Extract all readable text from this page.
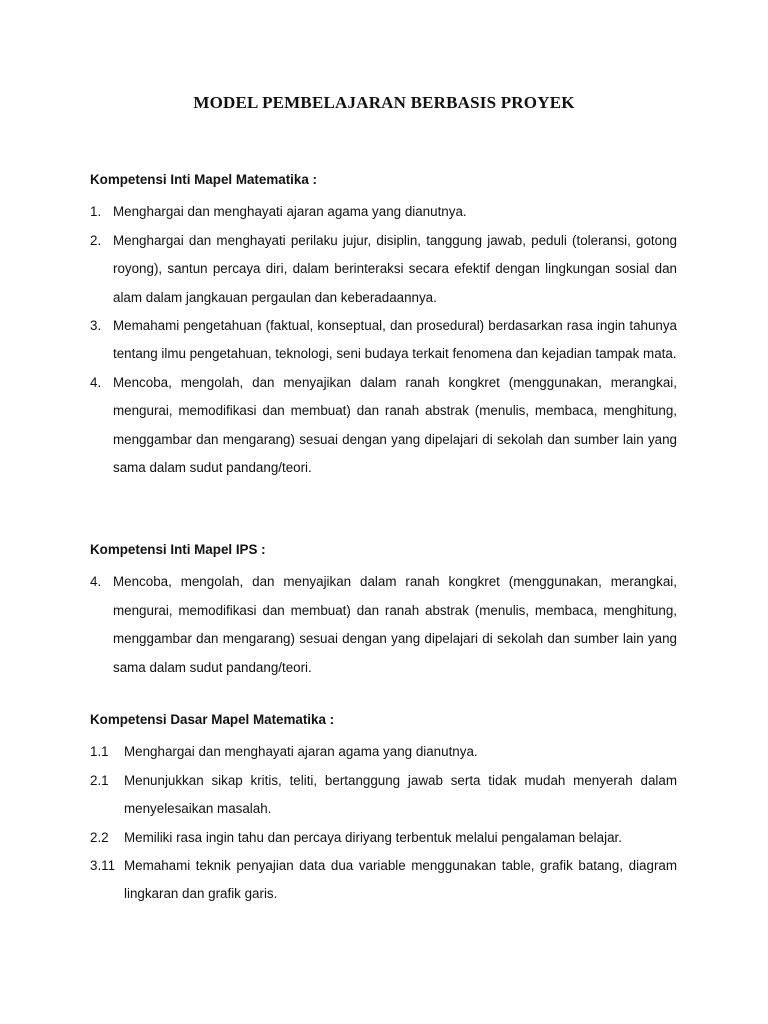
MODEL PEMBELAJARAN BERBASIS PROYEK
Kompetensi Inti Mapel Matematika :
1. Menghargai dan menghayati ajaran agama yang dianutnya.
2. Menghargai dan menghayati perilaku jujur, disiplin, tanggung jawab, peduli (toleransi, gotong royong), santun percaya diri, dalam berinteraksi secara efektif dengan lingkungan sosial dan alam dalam jangkauan pergaulan dan keberadaannya.
3. Memahami pengetahuan (faktual, konseptual, dan prosedural) berdasarkan rasa ingin tahunya tentang ilmu pengetahuan, teknologi, seni budaya terkait fenomena dan kejadian tampak mata.
4. Mencoba, mengolah, dan menyajikan dalam ranah kongkret (menggunakan, merangkai, mengurai, memodifikasi dan membuat) dan ranah abstrak (menulis, membaca, menghitung, menggambar dan mengarang) sesuai dengan yang dipelajari di sekolah dan sumber lain yang sama dalam sudut pandang/teori.
Kompetensi Inti Mapel IPS :
4. Mencoba, mengolah, dan menyajikan dalam ranah kongkret (menggunakan, merangkai, mengurai, memodifikasi dan membuat) dan ranah abstrak (menulis, membaca, menghitung, menggambar dan mengarang) sesuai dengan yang dipelajari di sekolah dan sumber lain yang sama dalam sudut pandang/teori.
Kompetensi Dasar Mapel Matematika :
1.1 Menghargai dan menghayati ajaran agama yang dianutnya.
2.1 Menunjukkan sikap kritis, teliti, bertanggung jawab serta tidak mudah menyerah dalam menyelesaikan masalah.
2.2 Memiliki rasa ingin tahu dan percaya diriyang terbentuk melalui pengalaman belajar.
3.11 Memahami teknik penyajian data dua variable menggunakan table, grafik batang, diagram lingkaran dan grafik garis.
